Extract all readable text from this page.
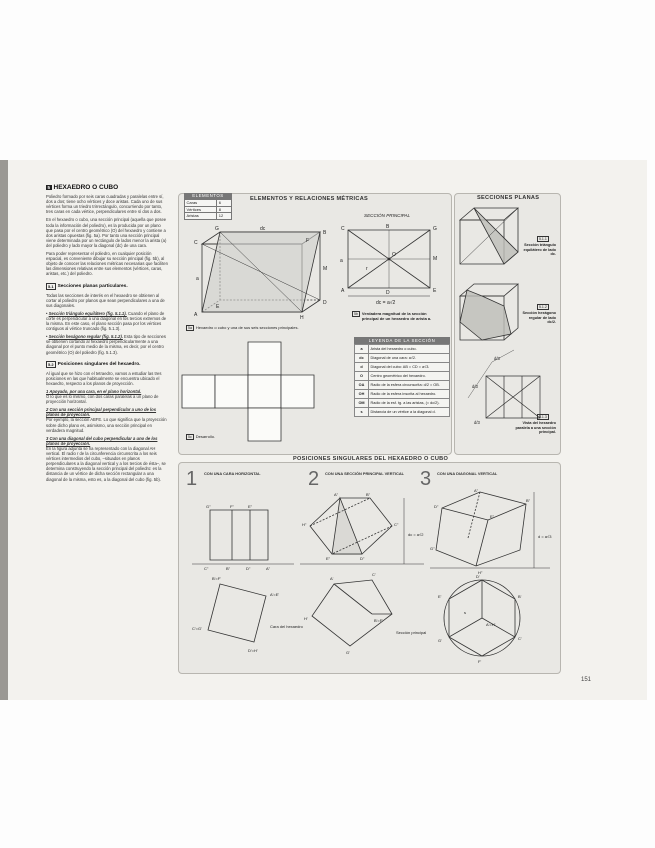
5 HEXAEDRO O CUBO

Poliedro formado por seis caras cuadradas y paralelas entre sí, dos a dos; tiene ocho vértices y doce aristas. Cada uno de sus vértices forma un triedro trirrectángulo, concurriendo por tanto, tres caras en cada vértice, perpendiculares entre sí dos a dos.

En el hexaedro o cubo, una sección principal (aquella que posee toda la información del poliedro), es la producida por un plano que pasa por el centro geométrico (O) del hexaedro y contiene a dos aristas opuestas (fig. 5a). Por tanto una sección principal viene determinada por un rectángulo de lados menor la arista (a) del poliedro y lado mayor la diagonal (dc) de una cara.

Para poder representar el poliedro, en cualquier posición espacial, es conveniente dibujar su sección principal (fig. 5b), al objeto de conocer las relaciones métricas necesarias que faciliten las dimensiones relativas entre sus elementos (vértices, caras, aristas, etc.) del poliedro.

5.1 Secciones planas particulares.

Todas las secciones de interés en el hexaedro se obtienen al cortar al poliedro por planos que sean perpendiculares a una de sus diagonales.

• Sección triángulo equilátero (fig. 5.1.1). Cuando el plano de corte es perpendicular a una diagonal en los tercios extremos de la misma. En este caso, el plano sección pasa por los vértices contiguos al vértice truncado (fig. 5.1.3).

• Sección hexágono regular (fig. 5.1.2). Esta tipo de secciones se obtienen cortando al hexaedro perpendicularmente a una diagonal por el punto medio de la misma, es decir, por el centro geométrico (O) del poliedro (fig. 5.1.3).

5.2 Posiciones singulares del hexaedro.

Al igual que se hizo con el tetraedro, vamos a estudiar las tres posiciones en las que habitualmente se encuentra ubicado el hexaedro, respecto a los planos de proyección.

1 Apoyado, por una cara, en el plano horizontal.
O lo que es lo mismo, con dos caras paralelas a un plano de proyección horizontal.

2 Con una sección principal perpendicular a uno de los planos de proyección.
Por ejemplo, la sección ABFE. Lo que significa que la proyección sobre dicho plano es, asimismo, una sección principal en verdadera magnitud.

3 Con una diagonal del cubo perpendicular a uno de los planos de proyección.
En la figura adjunta se ha representado con la diagonal AH vertical. El radio r de la circunferencia circunscrita a los seis vértices intermedios del cubo, –situados en planos perpendiculares a la diagonal vertical y a los tercios de ésta–, se determina construyendo la sección principal del poliedro: es la distancia de un vértice de dicha sección rectangular a una diagonal de la misma, esto es, a la diagonal del cubo (fig. 5b).

ELEMENTOS Y RELACIONES MÉTRICAS
ELEMENTOS
Caras	6
Vértices	8
Aristas	12
C
B
D
A	H
G
F
E
M
dc
a
5a	Hexaedro o cubo y una de sus seis secciones principales.
SECCIÓN PRINCIPAL
C	G
A	E
B
D
M
O
a
r
dc = a√2
5b	Verdadera magnitud de la sección principal de un hexaedro de arista a.
5c	Desarrollo.
LEYENDA DE LA SECCIÓN
a	Arista del hexaedro o cubo.
dc	Diagonal de una cara: a√2.
d	Diagonal del cubo: AB = CD = a√3.
O	Centro geométrico del hexaedro.
OA	Radio de la esfera circunscrita: d/2 = OB.
OH	Radio de la esfera inscrita al hexaedro.
OM	Radio de la esf. tg. a las aristas, (= dc/2).
s	Distancia de un vértice a la diagonal d.
SECCIONES PLANAS
5.1.1
Sección triángulo equilátero de lado dc.
5.1.2
Sección hexágono regular de lado dc/2.
d/3
d/3
d/3
5.1.3
Vista del hexaedro paralela a una sección principal.
POSICIONES SINGULARES DEL HEXAEDRO O CUBO
1 CON UNA CARA HORIZONTAL 2 CON UNA SECCIÓN PRINCIPAL VERTICAL 3 CON UNA DIAGONAL VERTICAL
G''	F''	E''
C''	B''	D''	A''
B'=F'
A'=E'
C'=G'
D'=H'
Cara del hexaedro
A''	B''
C''
H''
D''
E''
dc = a√2
A'
C'
H'	B'=F'
G'
Sección principal
A''
B''
D''
E''
G''
H''
d = a√3
D'
B'
E'
C'
A'=H'
G'
F'
s
151
